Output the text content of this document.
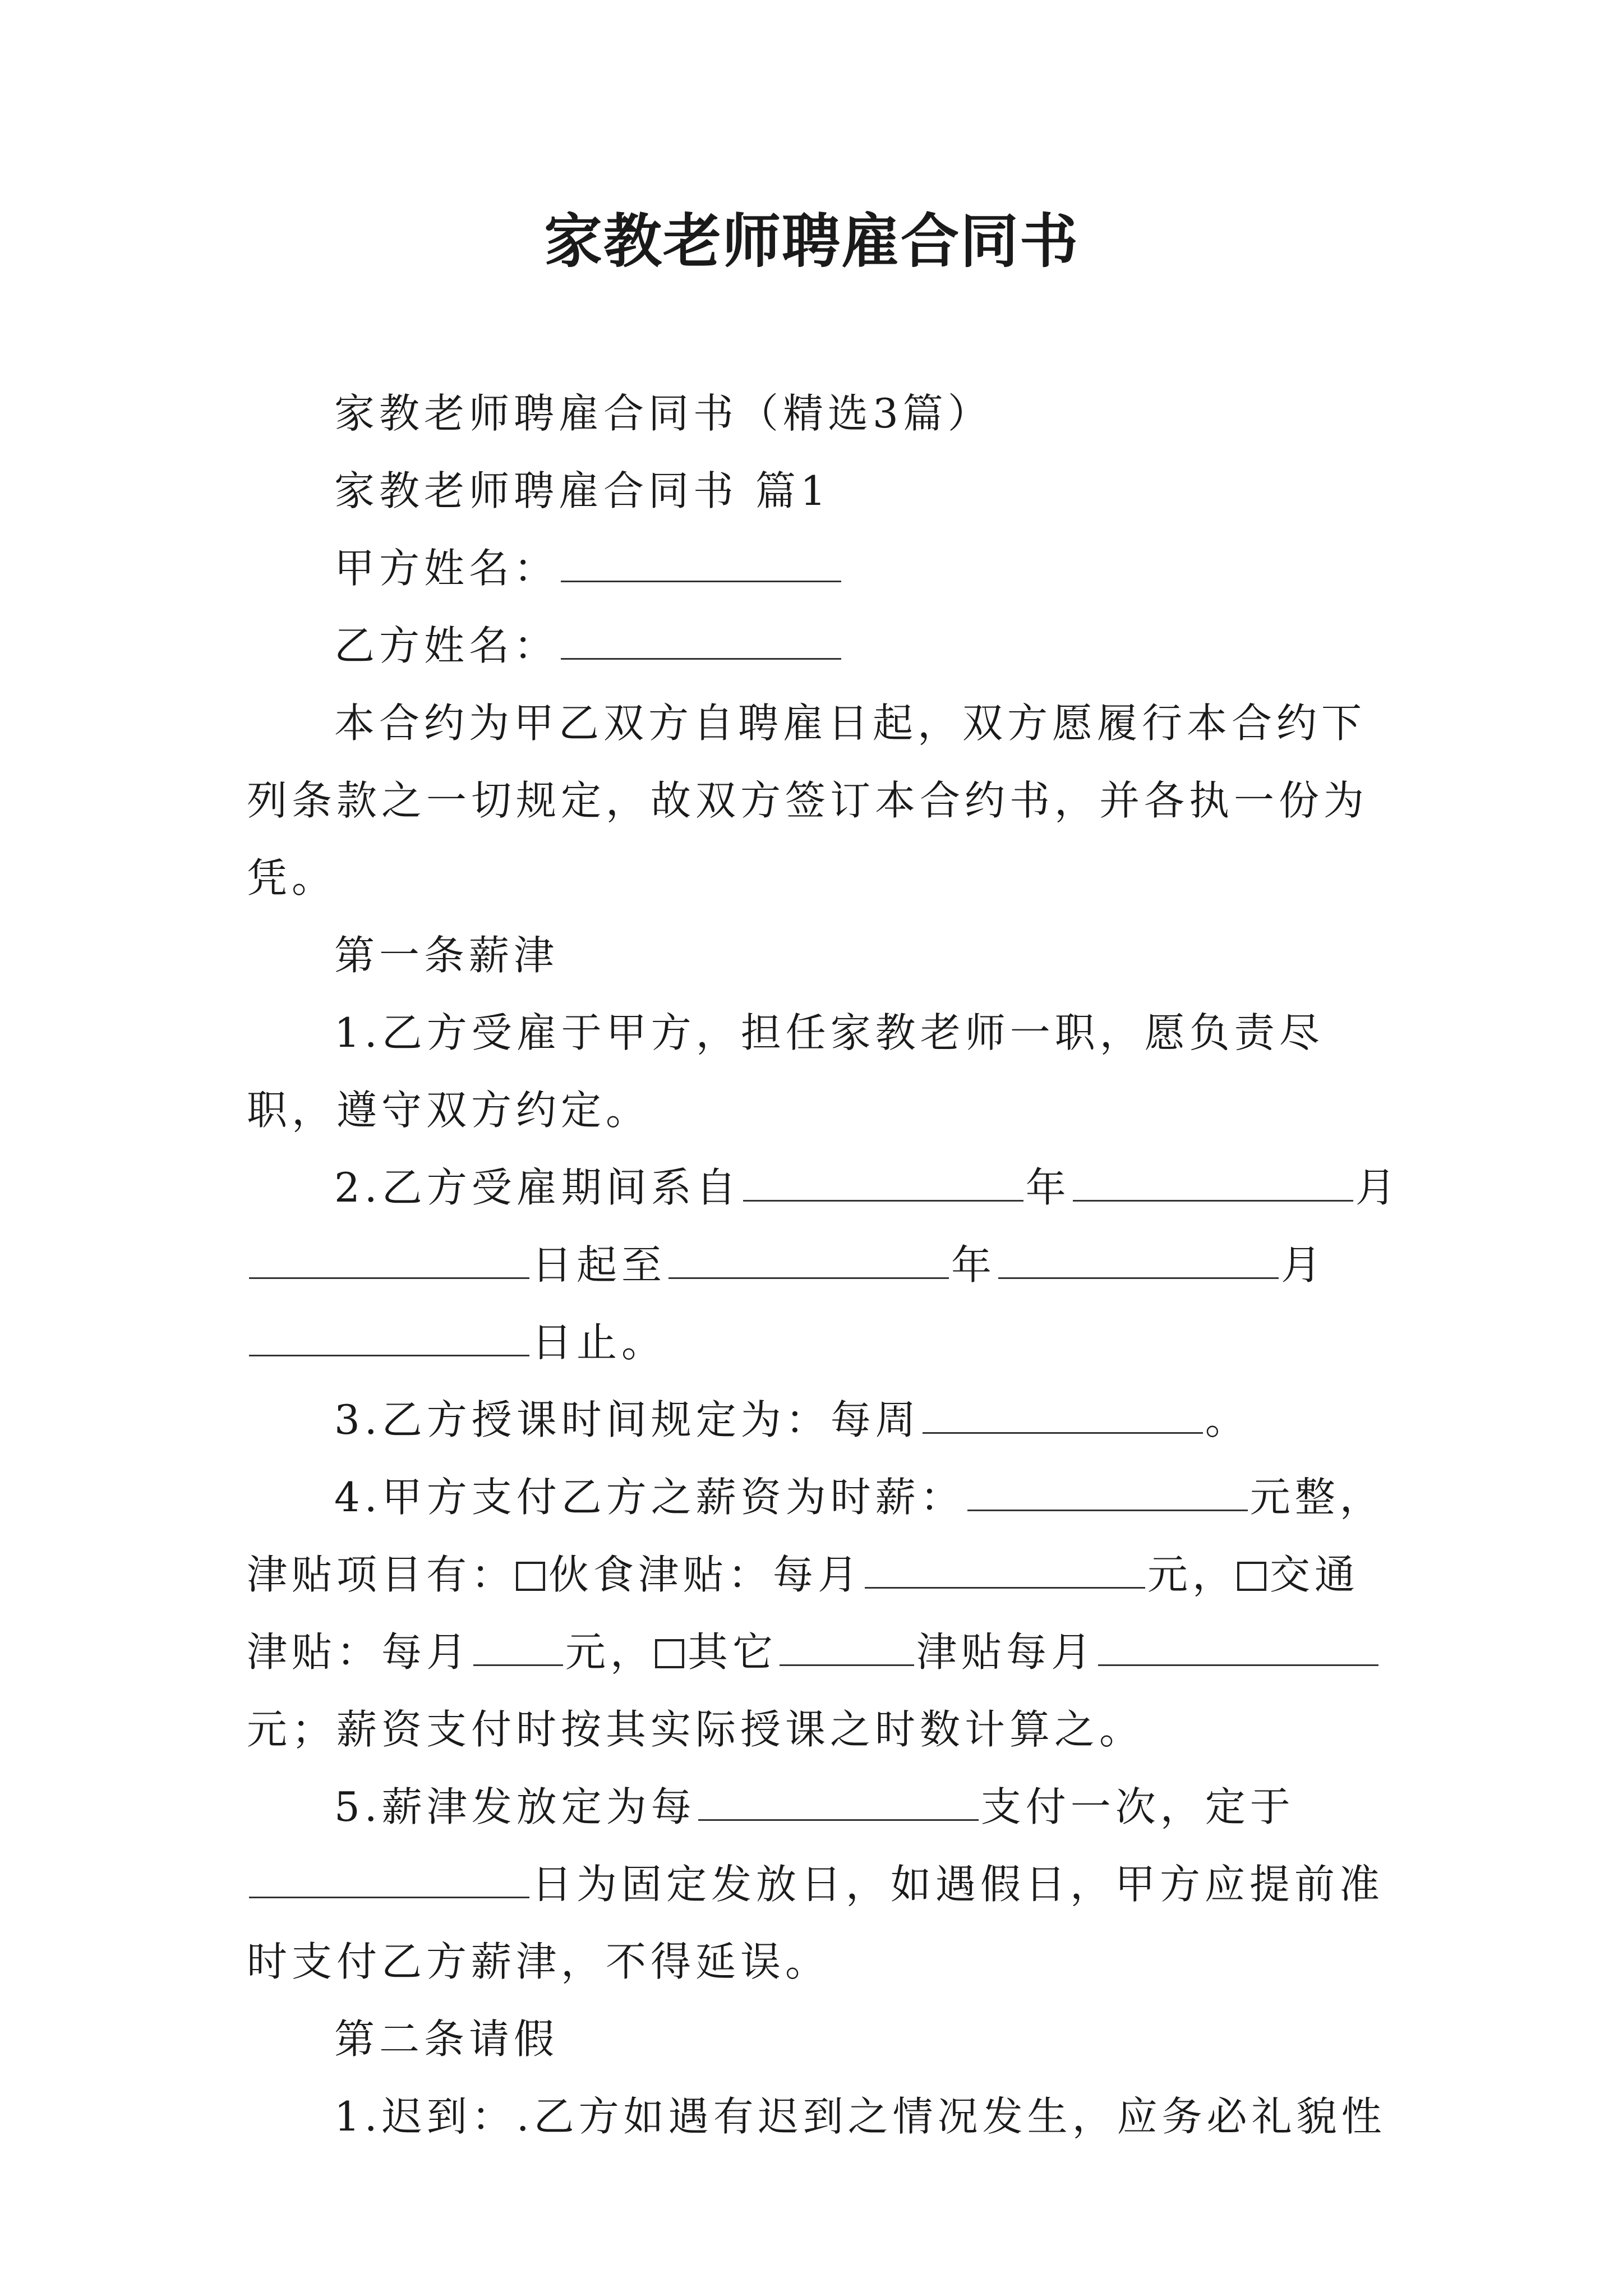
家教老师聘雇合同书

家教老师聘雇合同书（精选3篇）

家教老师聘雇合同书 篇1

甲方姓名：

乙方姓名：

本合约为甲乙双方自聘雇日起，双方愿履行本合约下列条款之一切规定，故双方签订本合约书，并各执一份为凭。

第一条薪津

1.乙方受雇于甲方，担任家教老师一职，愿负责尽职，遵守双方约定。

2.乙方受雇期间系自	年	月日起至	年	月日止。

3.乙方授课时间规定为：每周	。

4.甲方支付乙方之薪资为时薪：	元整，津贴项目有： 伙食津贴：每月	元， 交通津贴：每月 元， 其它	津贴每月元；薪资支付时按其实际授课之时数计算之。

5.薪津发放定为每	支付一次，定于日为固定发放日，如遇假日，甲方应提前准时支付乙方薪津，不得延误。

第二条请假

1.迟到：.乙方如遇有迟到之情况发生，应务必礼貌性
